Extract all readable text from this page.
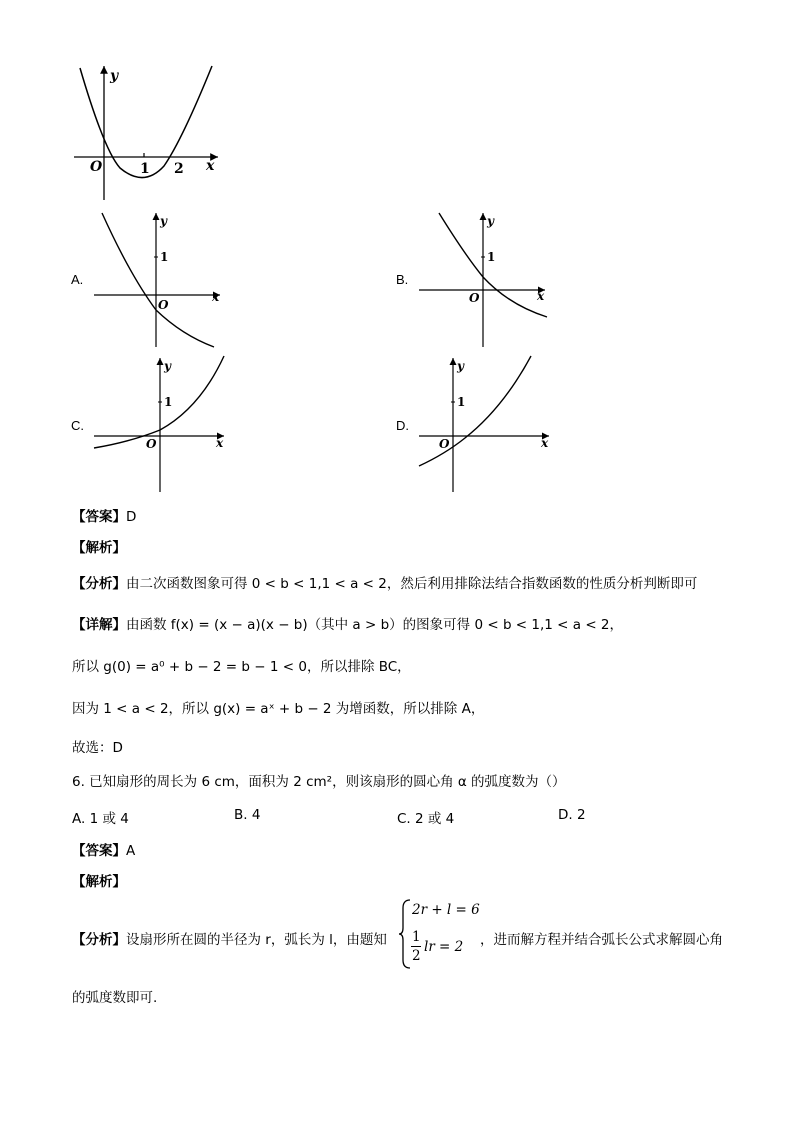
y
x
O	1 2
A.
y
1
O
x
B.
y
1
O	x
C.
y
1
O	x
D.
y
1
O	x
【答案】D
【解析】
【分析】由二次函数图象可得 0 < b < 1,1 < a < 2，然后利用排除法结合指数函数的性质分析判断即可
【详解】由函数 f(x) = (x − a)(x − b)（其中 a > b）的图象可得 0 < b < 1,1 < a < 2，
所以 g(0) = a⁰ + b − 2 = b − 1 < 0，所以排除 BC，
因为 1 < a < 2，所以 g(x) = aˣ + b − 2 为增函数，所以排除 A，
故选：D
6. 已知扇形的周长为 6 cm，面积为 2 cm²，则该扇形的圆心角 α 的弧度数为（）
A. 1 或 4	B. 4	C. 2 或 4	D. 2
【答案】A
【解析】
【分析】设扇形所在圆的半径为 r，弧长为 l，由题知
2r + l = 6
1
2
lr = 2 ，进而解方程并结合弧长公式求解圆心角
的弧度数即可.
